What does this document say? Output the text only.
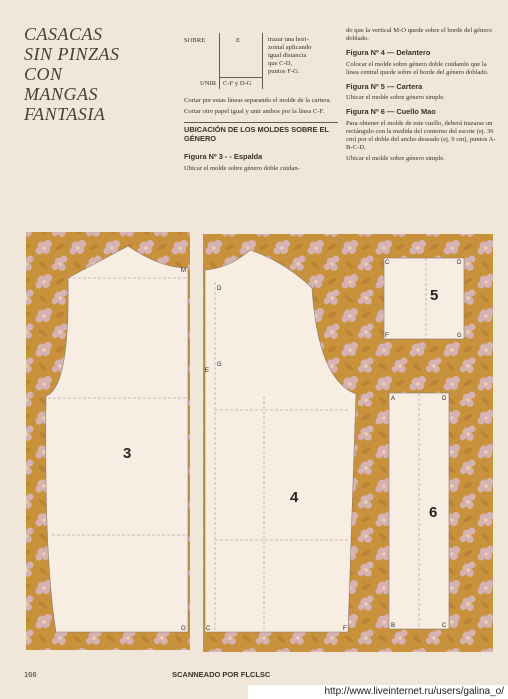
CASACAS
SIN PINZAS
CON
MANGAS
FANTASIA
SOBRE	E
UNIR C-F y D-G
trazar una hori-
zontal aplicando
igual distancia
que C-D,
puntos F-G.

Cortar por estas líneas separando el molde de la cartera.

Cortar otro papel igual y unir ambos por la línea C-F.

UBICACIÓN DE LOS MOLDES SOBRE EL GÉNERO
Figura Nº 3 - - Espalda

Ubicar el molde sobre género doble cuidan-

do que la vertical M-O quede sobre el borde del género doblado.

Figura Nº 4 — Delantero

Colocar el molde sobre género doble cuidando que la línea central quede sobre el borde del género doblado.

Figura Nº 5 — Cartera

Ubicar el molde sobre género simple.

Figura Nº 6 — Cuello Mao

Para obtener el molde de este cuello, deberá trazarse un rectángulo con la medida del contorno del escote (ej. 36 cm) por el doble del ancho deseado (ej. 9 cm), puntos A-B-C-D.

Ubicar el molde sobre género simple.

3
4
5
6
M
O
D
G
E
C	F
C	D
F	G
A	D
B	C
166	SCANNEADO POR FLCLSC
http://www.liveinternet.ru/users/galina_o/
